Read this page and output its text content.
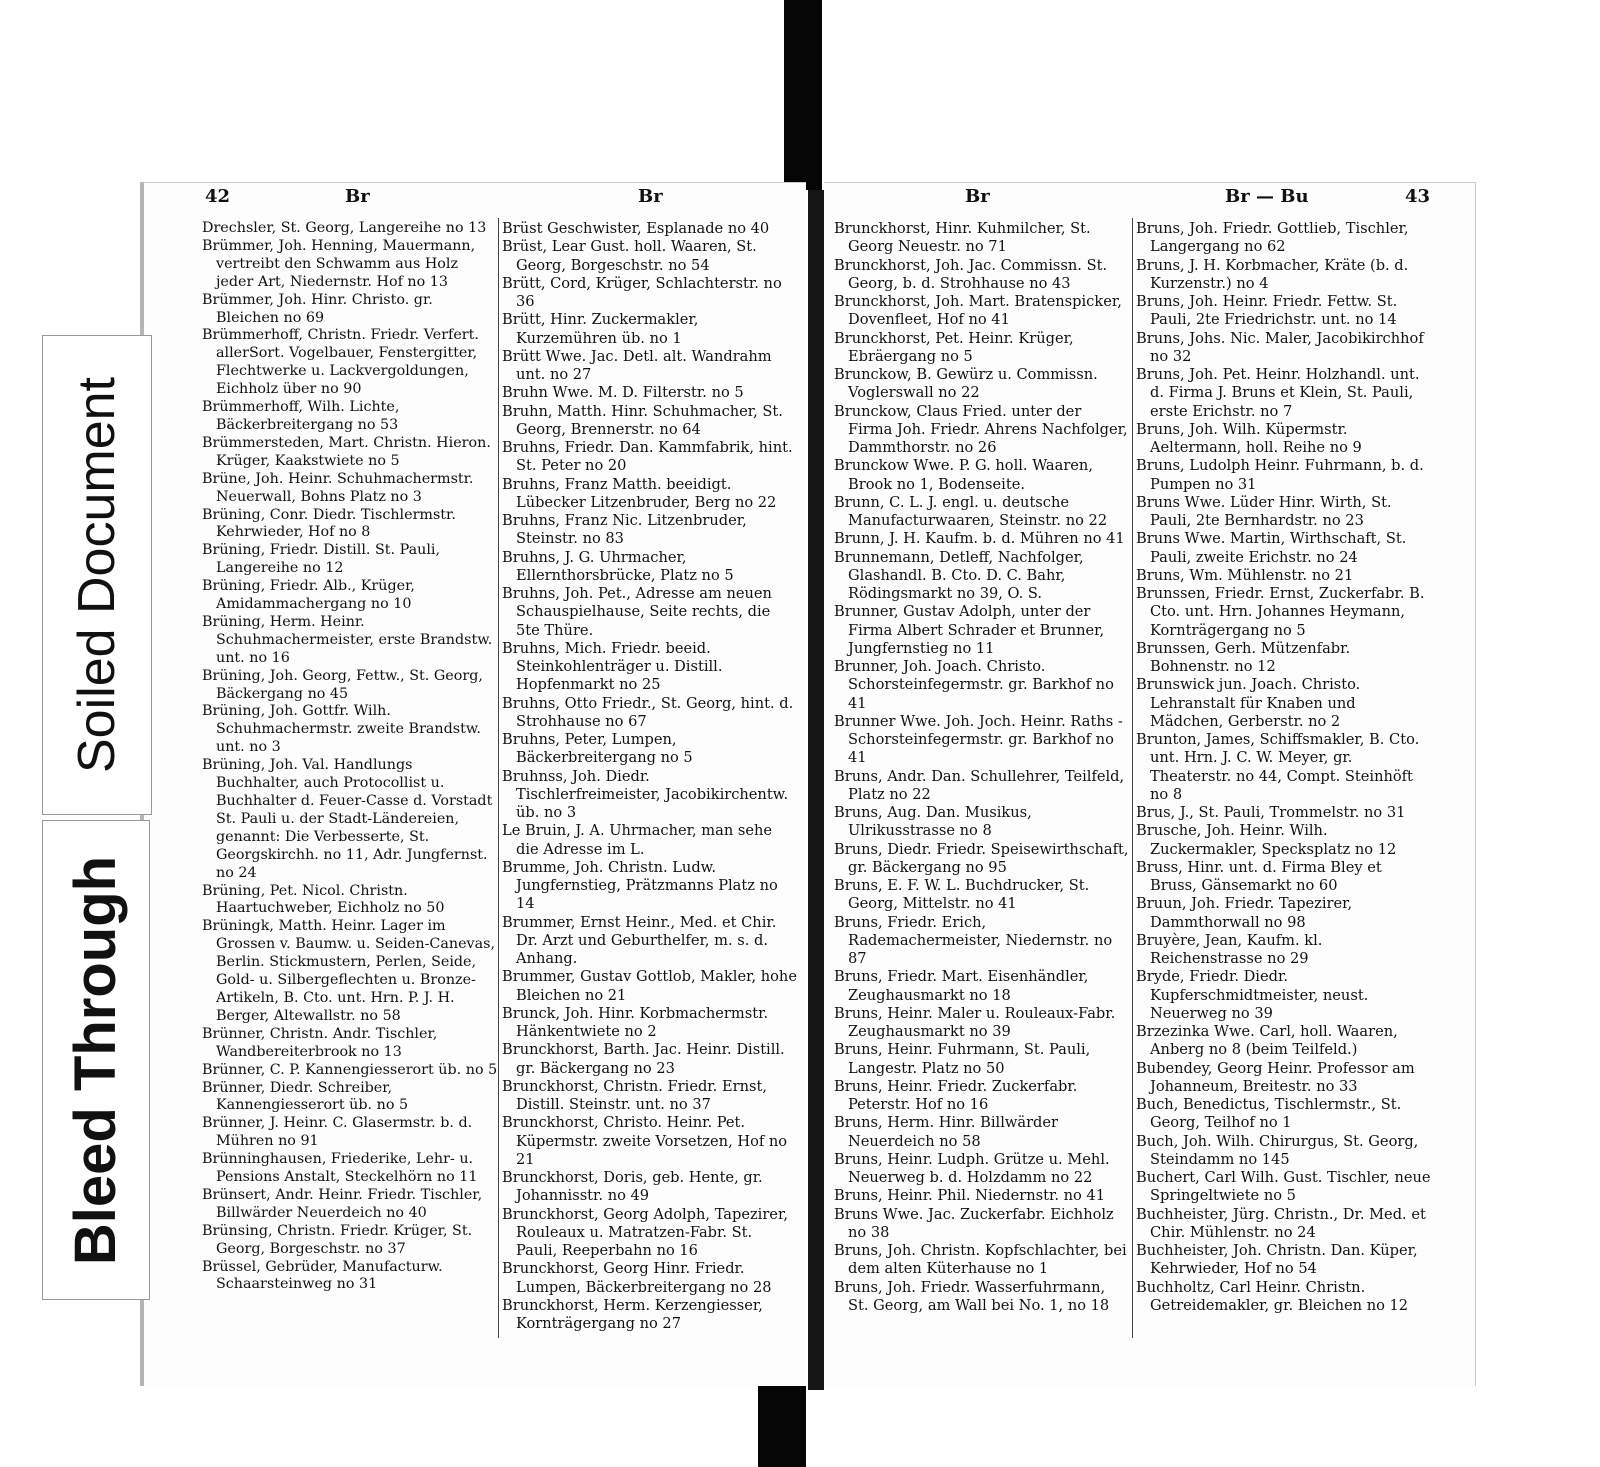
42	Br	Br	Br	Br — Bu	43
Drechsler, St. Georg, Langereihe no 13
Brümmer, Joh. Henning, Mauermann, vertreibt den Schwamm aus Holz jeder Art, Niedernstr. Hof no 13
Brümmer, Joh. Hinr. Christo. gr. Bleichen no 69
Brümmerhoff, Christn. Friedr. Verfert. allerSort. Vogelbauer, Fenstergitter, Flechtwerke u. Lackvergoldungen, Eichholz über no 90
Brümmerhoff, Wilh. Lichte, Bäckerbreitergang no 53
Brümmersteden, Mart. Christn. Hieron. Krüger, Kaakstwiete no 5
Brüne, Joh. Heinr. Schuhmachermstr. Neuerwall, Bohns Platz no 3
Brüning, Conr. Diedr. Tischlermstr. Kehrwieder, Hof no 8
Brüning, Friedr. Distill. St. Pauli, Langereihe no 12
Brüning, Friedr. Alb., Krüger, Amidammachergang no 10
Brüning, Herm. Heinr. Schuhmachermeister, erste Brandstw. unt. no 16
Brüning, Joh. Georg, Fettw., St. Georg, Bäckergang no 45
Brüning, Joh. Gottfr. Wilh. Schuhmachermstr. zweite Brandstw. unt. no 3
Brüning, Joh. Val. Handlungs Buchhalter, auch Protocollist u. Buchhalter d. Feuer-Casse d. Vorstadt St. Pauli u. der Stadt-Ländereien, genannt: Die Verbesserte, St. Georgskirchh. no 11, Adr. Jungfernst. no 24
Brüning, Pet. Nicol. Christn. Haartuchweber, Eichholz no 50
Brüningk, Matth. Heinr. Lager im Grossen v. Baumw. u. Seiden-Canevas, Berlin. Stickmustern, Perlen, Seide, Gold- u. Silbergeflechten u. Bronze-Artikeln, B. Cto. unt. Hrn. P. J. H. Berger, Altewallstr. no 58
Brünner, Christn. Andr. Tischler, Wandbereiterbrook no 13
Brünner, C. P. Kannengiesserort üb. no 5
Brünner, Diedr. Schreiber, Kannengiesserort üb. no 5
Brünner, J. Heinr. C. Glasermstr. b. d. Mühren no 91
Brünninghausen, Friederike, Lehr- u. Pensions Anstalt, Steckelhörn no 11
Brünsert, Andr. Heinr. Friedr. Tischler, Billwärder Neuerdeich no 40
Brünsing, Christn. Friedr. Krüger, St. Georg, Borgeschstr. no 37
Brüssel, Gebrüder, Manufacturw. Schaarsteinweg no 31
Brüst Geschwister, Esplanade no 40
Brüst, Lear Gust. holl. Waaren, St. Georg, Borgeschstr. no 54
Brütt, Cord, Krüger, Schlachterstr. no 36
Brütt, Hinr. Zuckermakler, Kurzemühren üb. no 1
Brütt Wwe. Jac. Detl. alt. Wandrahm unt. no 27
Bruhn Wwe. M. D. Filterstr. no 5
Bruhn, Matth. Hinr. Schuhmacher, St. Georg, Brennerstr. no 64
Bruhns, Friedr. Dan. Kammfabrik, hint. St. Peter no 20
Bruhns, Franz Matth. beeidigt. Lübecker Litzenbruder, Berg no 22
Bruhns, Franz Nic. Litzenbruder, Steinstr. no 83
Bruhns, J. G. Uhrmacher, Ellernthorsbrücke, Platz no 5
Bruhns, Joh. Pet., Adresse am neuen Schauspielhause, Seite rechts, die 5te Thüre.
Bruhns, Mich. Friedr. beeid. Steinkohlenträger u. Distill. Hopfenmarkt no 25
Bruhns, Otto Friedr., St. Georg, hint. d. Strohhause no 67
Bruhns, Peter, Lumpen, Bäckerbreitergang no 5
Bruhnss, Joh. Diedr. Tischlerfreimeister, Jacobikirchentw. üb. no 3
Le Bruin, J. A. Uhrmacher, man sehe die Adresse im L.
Brumme, Joh. Christn. Ludw. Jungfernstieg, Prätzmanns Platz no 14
Brummer, Ernst Heinr., Med. et Chir. Dr. Arzt und Geburthelfer, m. s. d. Anhang.
Brummer, Gustav Gottlob, Makler, hohe Bleichen no 21
Brunck, Joh. Hinr. Korbmachermstr. Hänkentwiete no 2
Brunckhorst, Barth. Jac. Heinr. Distill. gr. Bäckergang no 23
Brunckhorst, Christn. Friedr. Ernst, Distill. Steinstr. unt. no 37
Brunckhorst, Christo. Heinr. Pet. Küpermstr. zweite Vorsetzen, Hof no 21
Brunckhorst, Doris, geb. Hente, gr. Johannisstr. no 49
Brunckhorst, Georg Adolph, Tapezirer, Rouleaux u. Matratzen-Fabr. St. Pauli, Reeperbahn no 16
Brunckhorst, Georg Hinr. Friedr. Lumpen, Bäckerbreitergang no 28
Brunckhorst, Herm. Kerzengiesser, Kornträgergang no 27
Brunckhorst, Hinr. Kuhmilcher, St. Georg Neuestr. no 71
Brunckhorst, Joh. Jac. Commissn. St. Georg, b. d. Strohhause no 43
Brunckhorst, Joh. Mart. Bratenspicker, Dovenfleet, Hof no 41
Brunckhorst, Pet. Heinr. Krüger, Ebräergang no 5
Brunckow, B. Gewürz u. Commissn. Voglerswall no 22
Brunckow, Claus Fried. unter der Firma Joh. Friedr. Ahrens Nachfolger, Dammthorstr. no 26
Brunckow Wwe. P. G. holl. Waaren, Brook no 1, Bodenseite.
Brunn, C. L. J. engl. u. deutsche Manufacturwaaren, Steinstr. no 22
Brunn, J. H. Kaufm. b. d. Mühren no 41
Brunnemann, Detleff, Nachfolger, Glashandl. B. Cto. D. C. Bahr, Rödingsmarkt no 39, O. S.
Brunner, Gustav Adolph, unter der Firma Albert Schrader et Brunner, Jungfernstieg no 11
Brunner, Joh. Joach. Christo. Schorsteinfegermstr. gr. Barkhof no 41
Brunner Wwe. Joh. Joch. Heinr. Raths - Schorsteinfegermstr. gr. Barkhof no 41
Bruns, Andr. Dan. Schullehrer, Teilfeld, Platz no 22
Bruns, Aug. Dan. Musikus, Ulrikusstrasse no 8
Bruns, Diedr. Friedr. Speisewirthschaft, gr. Bäckergang no 95
Bruns, E. F. W. L. Buchdrucker, St. Georg, Mittelstr. no 41
Bruns, Friedr. Erich, Rademachermeister, Niedernstr. no 87
Bruns, Friedr. Mart. Eisenhändler, Zeughausmarkt no 18
Bruns, Heinr. Maler u. Rouleaux-Fabr. Zeughausmarkt no 39
Bruns, Heinr. Fuhrmann, St. Pauli, Langestr. Platz no 50
Bruns, Heinr. Friedr. Zuckerfabr. Peterstr. Hof no 16
Bruns, Herm. Hinr. Billwärder Neuerdeich no 58
Bruns, Heinr. Ludph. Grütze u. Mehl. Neuerweg b. d. Holzdamm no 22
Bruns, Heinr. Phil. Niedernstr. no 41
Bruns Wwe. Jac. Zuckerfabr. Eichholz no 38
Bruns, Joh. Christn. Kopfschlachter, bei dem alten Küterhause no 1
Bruns, Joh. Friedr. Wasserfuhrmann, St. Georg, am Wall bei No. 1, no 18
Bruns, Joh. Friedr. Gottlieb, Tischler, Langergang no 62
Bruns, J. H. Korbmacher, Kräte (b. d. Kurzenstr.) no 4
Bruns, Joh. Heinr. Friedr. Fettw. St. Pauli, 2te Friedrichstr. unt. no 14
Bruns, Johs. Nic. Maler, Jacobikirchhof no 32
Bruns, Joh. Pet. Heinr. Holzhandl. unt. d. Firma J. Bruns et Klein, St. Pauli, erste Erichstr. no 7
Bruns, Joh. Wilh. Küpermstr. Aeltermann, holl. Reihe no 9
Bruns, Ludolph Heinr. Fuhrmann, b. d. Pumpen no 31
Bruns Wwe. Lüder Hinr. Wirth, St. Pauli, 2te Bernhardstr. no 23
Bruns Wwe. Martin, Wirthschaft, St. Pauli, zweite Erichstr. no 24
Bruns, Wm. Mühlenstr. no 21
Brunssen, Friedr. Ernst, Zuckerfabr. B. Cto. unt. Hrn. Johannes Heymann, Kornträgergang no 5
Brunssen, Gerh. Mützenfabr. Bohnenstr. no 12
Brunswick jun. Joach. Christo. Lehranstalt für Knaben und Mädchen, Gerberstr. no 2
Brunton, James, Schiffsmakler, B. Cto. unt. Hrn. J. C. W. Meyer, gr. Theaterstr. no 44, Compt. Steinhöft no 8
Brus, J., St. Pauli, Trommelstr. no 31
Brusche, Joh. Heinr. Wilh. Zuckermakler, Specksplatz no 12
Bruss, Hinr. unt. d. Firma Bley et Bruss, Gänsemarkt no 60
Bruun, Joh. Friedr. Tapezirer, Dammthorwall no 98
Bruyère, Jean, Kaufm. kl. Reichenstrasse no 29
Bryde, Friedr. Diedr. Kupferschmidtmeister, neust. Neuerweg no 39
Brzezinka Wwe. Carl, holl. Waaren, Anberg no 8 (beim Teilfeld.)
Bubendey, Georg Heinr. Professor am Johanneum, Breitestr. no 33
Buch, Benedictus, Tischlermstr., St. Georg, Teilhof no 1
Buch, Joh. Wilh. Chirurgus, St. Georg, Steindamm no 145
Buchert, Carl Wilh. Gust. Tischler, neue Springeltwiete no 5
Buchheister, Jürg. Christn., Dr. Med. et Chir. Mühlenstr. no 24
Buchheister, Joh. Christn. Dan. Küper, Kehrwieder, Hof no 54
Buchholtz, Carl Heinr. Christn. Getreidemakler, gr. Bleichen no 12
Soiled Document
Bleed Through
